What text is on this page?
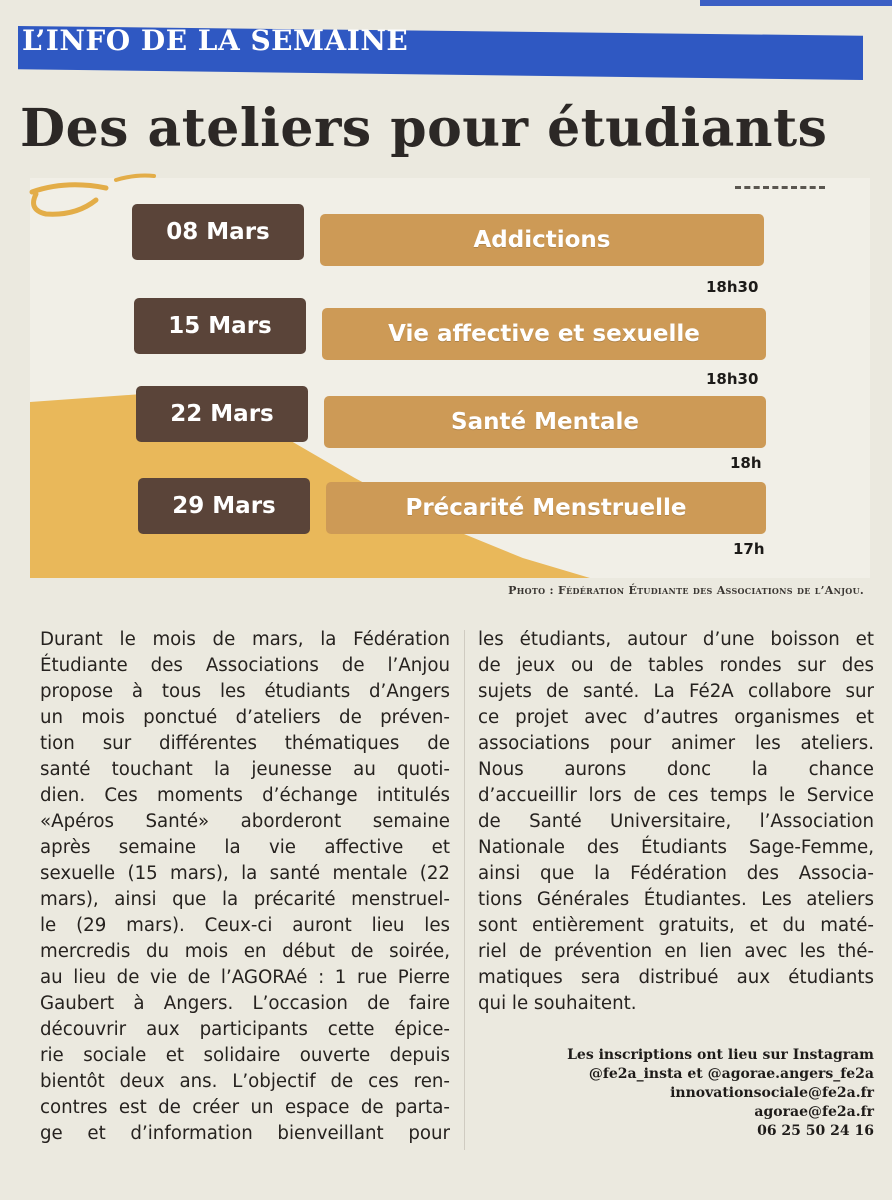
L’INFO DE LA SEMAINE
Des ateliers pour étudiants
08 Mars	Addictions
18h30
15 Mars	Vie affective et sexuelle
18h30
22 Mars	Santé Mentale
18h
29 Mars	Précarité Menstruelle
17h
Photo : Fédération Étudiante des Associations de l’Anjou.
Durant le mois de mars, la Fédération
Étudiante des Associations de l’Anjou
propose à tous les étudiants d’Angers
un mois ponctué d’ateliers de préven-
tion sur différentes thématiques de
santé touchant la jeunesse au quoti-
dien. Ces moments d’échange intitulés
«Apéros Santé» aborderont semaine
après semaine la vie affective et
sexuelle (15 mars), la santé mentale (22
mars), ainsi que la précarité menstruel-
le (29 mars). Ceux-ci auront lieu les
mercredis du mois en début de soirée,
au lieu de vie de l’AGORAé : 1 rue Pierre
Gaubert à Angers. L’occasion de faire
découvrir aux participants cette épice-
rie sociale et solidaire ouverte depuis
bientôt deux ans. L’objectif de ces ren-
contres est de créer un espace de parta-
ge et d’information bienveillant pour
les étudiants, autour d’une boisson et
de jeux ou de tables rondes sur des
sujets de santé. La Fé2A collabore sur
ce projet avec d’autres organismes et
associations pour animer les ateliers.
Nous aurons donc la chance
d’accueillir lors de ces temps le Service
de Santé Universitaire, l’Association
Nationale des Étudiants Sage-Femme,
ainsi que la Fédération des Associa-
tions Générales Étudiantes. Les ateliers
sont entièrement gratuits, et du maté-
riel de prévention en lien avec les thé-
matiques sera distribué aux étudiants
qui le souhaitent.
Les inscriptions ont lieu sur Instagram
@fe2a_insta et @agorae.angers_fe2a
innovationsociale@fe2a.fr
agorae@fe2a.fr
06 25 50 24 16
